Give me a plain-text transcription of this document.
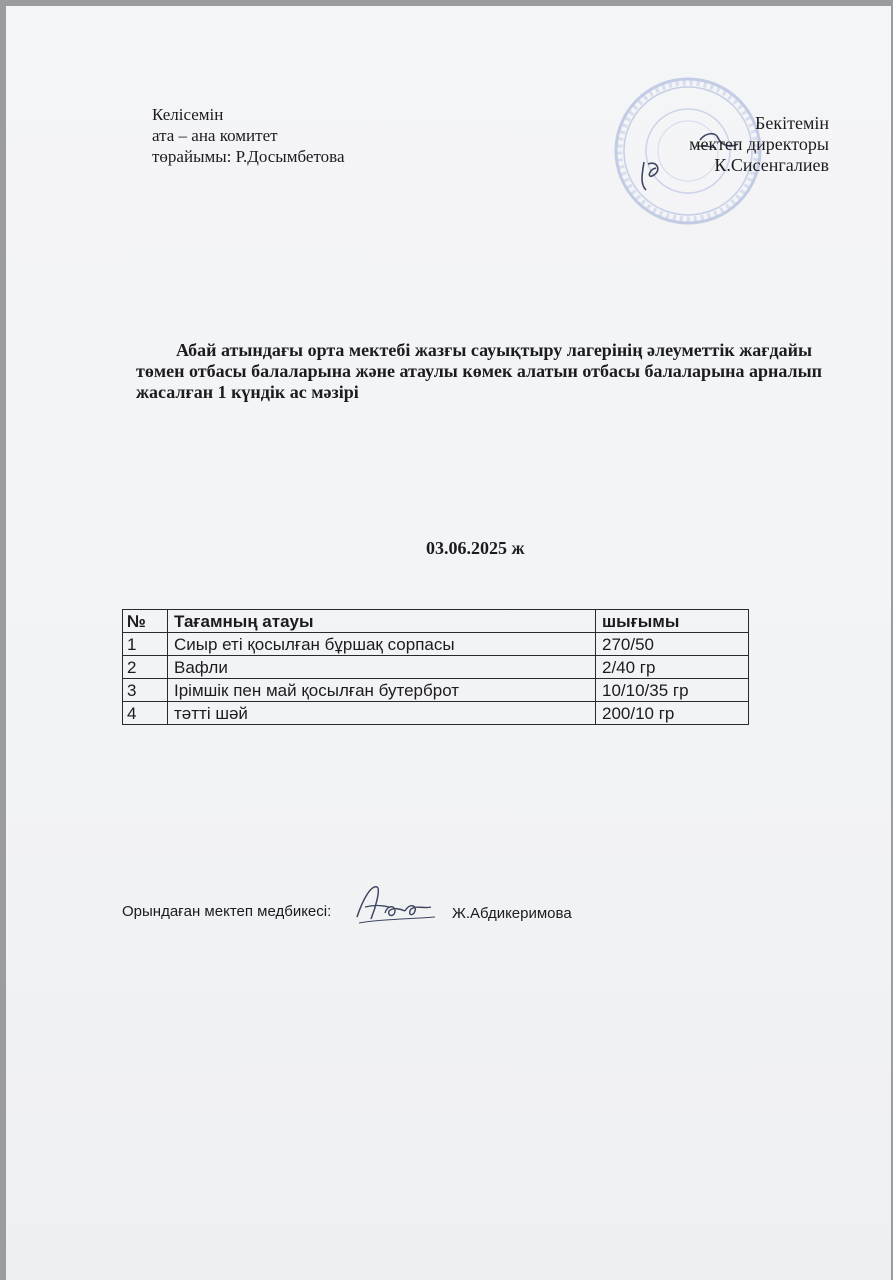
Келісемін
ата – ана комитет
төрайымы: Р.Досымбетова
Бекітемін
мектеп директоры
К.Сисенгалиев
Абай атындағы орта мектебі жазғы сауықтыру лагерінің әлеуметтік жағдайы төмен отбасы балаларына және атаулы көмек алатын отбасы балаларына арналып жасалған 1 күндік ас мәзірі
03.06.2025 ж
№	Тағамның атауы	шығымы
1	Сиыр еті қосылған бұршақ сорпасы	270/50
2	Вафли	2/40 гр
3	Ірімшік пен май қосылған бутерброт	10/10/35 гр
4	тәтті шәй	200/10 гр
Орындаған мектеп медбикесі:	Ж.Абдикеримова
